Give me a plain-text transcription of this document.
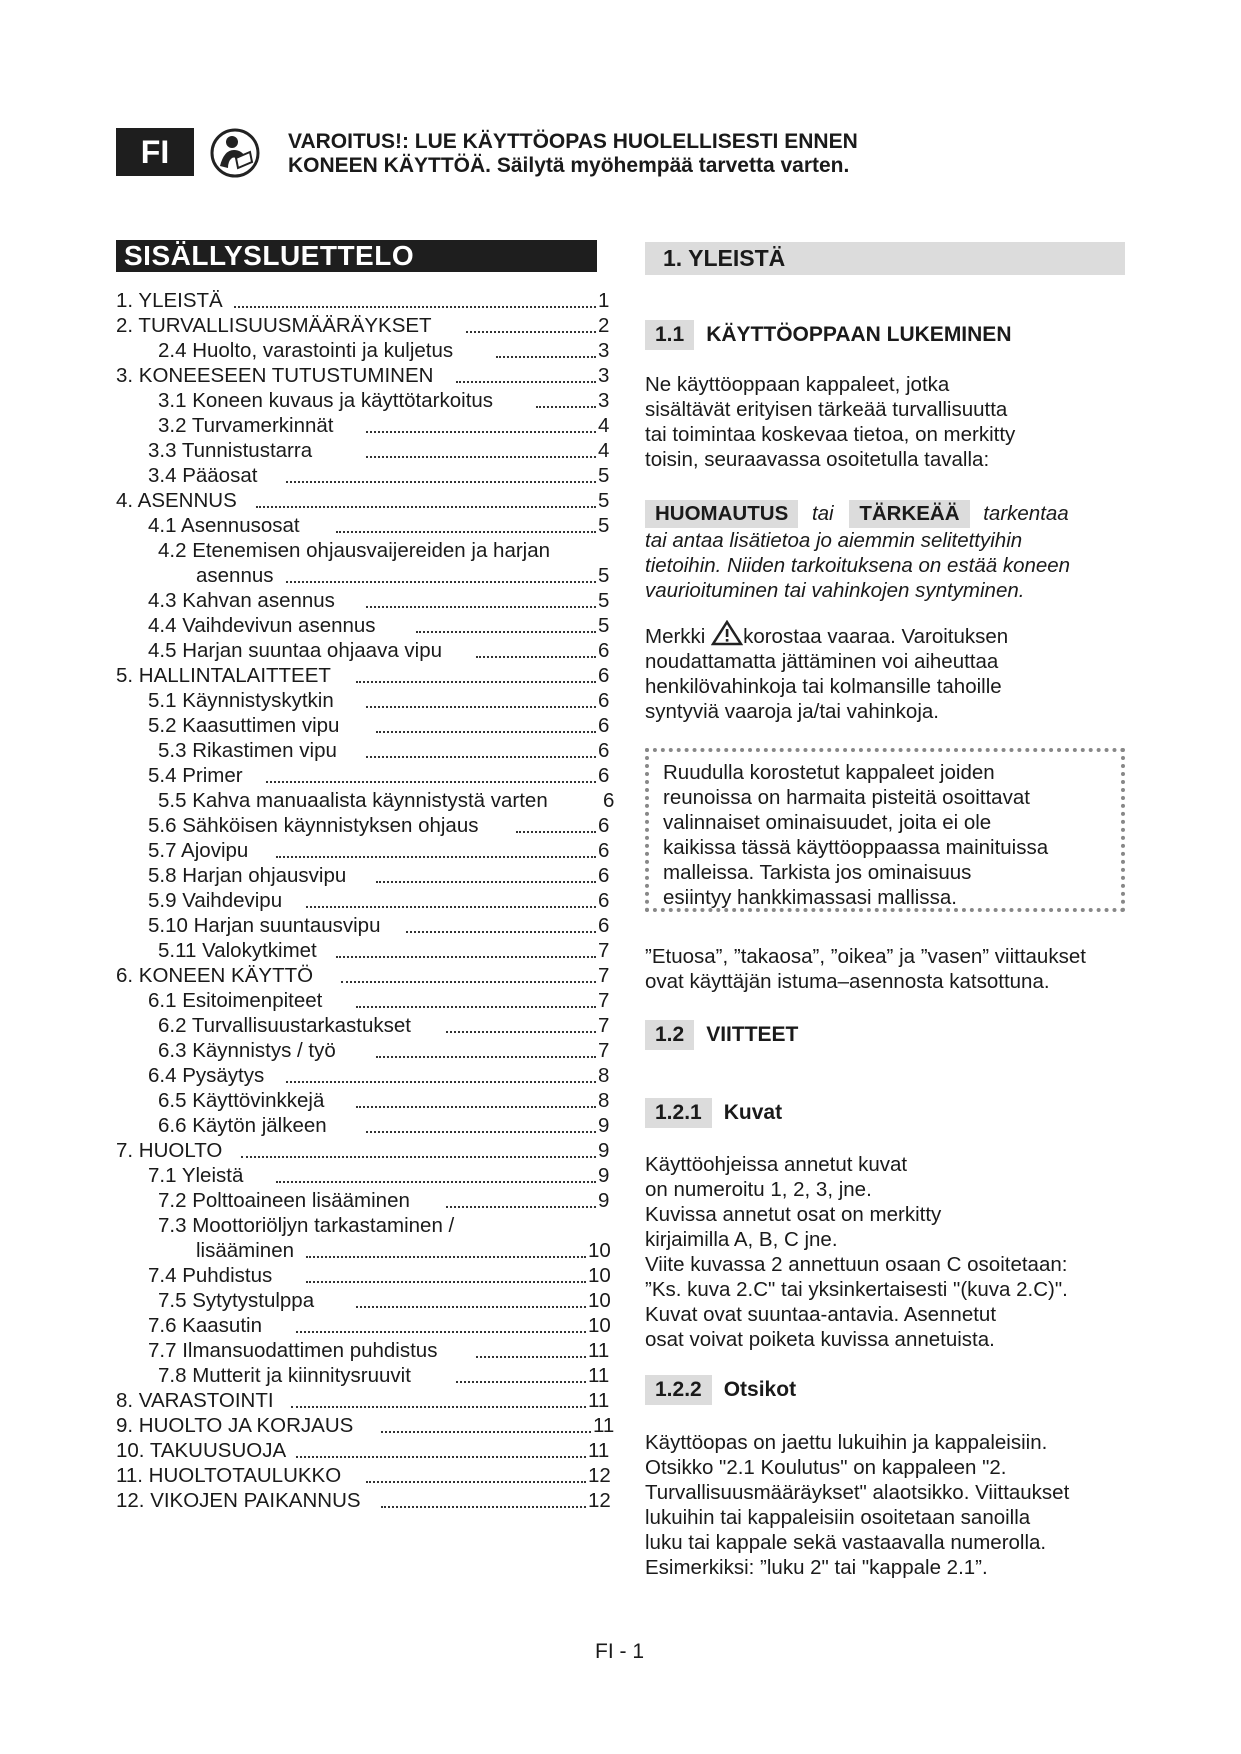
FI	VAROITUS!: LUE KÄYTTÖOPAS HUOLELLISESTI ENNEN
KONEEN KÄYTTÖÄ. Säilytä myöhempää tarvetta varten.
SISÄLLYSLUETTELO
1. YLEISTÄ	1
2. TURVALLISUUSMÄÄRÄYKSET	2
2.4 Huolto, varastointi ja kuljetus	3
3. KONEESEEN TUTUSTUMINEN	3
3.1 Koneen kuvaus ja käyttötarkoitus	3
3.2 Turvamerkinnät	4
3.3 Tunnistustarra	4
3.4 Pääosat	5
4. ASENNUS	5
4.1 Asennusosat	5
4.2 Etenemisen ohjausvaijereiden ja harjan
asennus	5
4.3 Kahvan asennus	5
4.4 Vaihdevivun asennus	5
4.5 Harjan suuntaa ohjaava vipu	6
5. HALLINTALAITTEET	6
5.1 Käynnistyskytkin	6
5.2 Kaasuttimen vipu	6
5.3 Rikastimen vipu	6
5.4 Primer	6
5.5 Kahva manuaalista käynnistystä varten	6
5.6 Sähköisen käynnistyksen ohjaus	6
5.7 Ajovipu	6
5.8 Harjan ohjausvipu	6
5.9 Vaihdevipu	6
5.10 Harjan suuntausvipu	6
5.11 Valokytkimet	7
6. KONEEN KÄYTTÖ	7
6.1 Esitoimenpiteet	7
6.2 Turvallisuustarkastukset	7
6.3 Käynnistys / työ	7
6.4 Pysäytys	8
6.5 Käyttövinkkejä	8
6.6 Käytön jälkeen	9
7. HUOLTO	9
7.1 Yleistä	9
7.2 Polttoaineen lisääminen	9
7.3 Moottoriöljyn tarkastaminen /
lisääminen	10
7.4 Puhdistus	10
7.5 Sytytystulppa	10
7.6 Kaasutin	10
7.7 Ilmansuodattimen puhdistus	11
7.8 Mutterit ja kiinnitysruuvit	11
8. VARASTOINTI	11
9. HUOLTO JA KORJAUS	11
10. TAKUUSUOJA	11
11. HUOLTOTAULUKKO	12
12. VIKOJEN PAIKANNUS	12
1. YLEISTÄ
1.1 KÄYTTÖOPPAAN LUKEMINEN

Ne käyttöoppaan kappaleet, jotka

sisältävät erityisen tärkeää turvallisuutta

tai toimintaa koskevaa tietoa, on merkitty

toisin, seuraavassa osoitetulla tavalla:

HUOMAUTUS tai TÄRKEÄÄ tarkentaa

tai antaa lisätietoa jo aiemmin selitettyihin

tietoihin. Niiden tarkoituksena on estää koneen

vaurioituminen tai vahinkojen syntyminen.

Merkki korostaa vaaraa. Varoituksen

noudattamatta jättäminen voi aiheuttaa

henkilövahinkoja tai kolmansille tahoille

syntyviä vaaroja ja/tai vahinkoja.

Ruudulla korostetut kappaleet joiden

reunoissa on harmaita pisteitä osoittavat

valinnaiset ominaisuudet, joita ei ole

kaikissa tässä käyttöoppaassa mainituissa

malleissa. Tarkista jos ominaisuus

esiintyy hankkimassasi mallissa.

”Etuosa”, ”takaosa”, ”oikea” ja ”vasen” viittaukset

ovat käyttäjän istuma–asennosta katsottuna.

1.2 VIITTEET
1.2.1 Kuvat

Käyttöohjeissa annetut kuvat

on numeroitu 1, 2, 3, jne.

Kuvissa annetut osat on merkitty

kirjaimilla A, B, C jne.

Viite kuvassa 2 annettuun osaan C osoitetaan:

”Ks. kuva 2.C" tai yksinkertaisesti "(kuva 2.C)".

Kuvat ovat suuntaa-antavia. Asennetut

osat voivat poiketa kuvissa annetuista.

1.2.2 Otsikot

Käyttöopas on jaettu lukuihin ja kappaleisiin.

Otsikko "2.1 Koulutus" on kappaleen "2.

Turvallisuusmääräykset" alaotsikko. Viittaukset

lukuihin tai kappaleisiin osoitetaan sanoilla

luku tai kappale sekä vastaavalla numerolla.

Esimerkiksi: ”luku 2" tai "kappale 2.1”.

FI - 1
